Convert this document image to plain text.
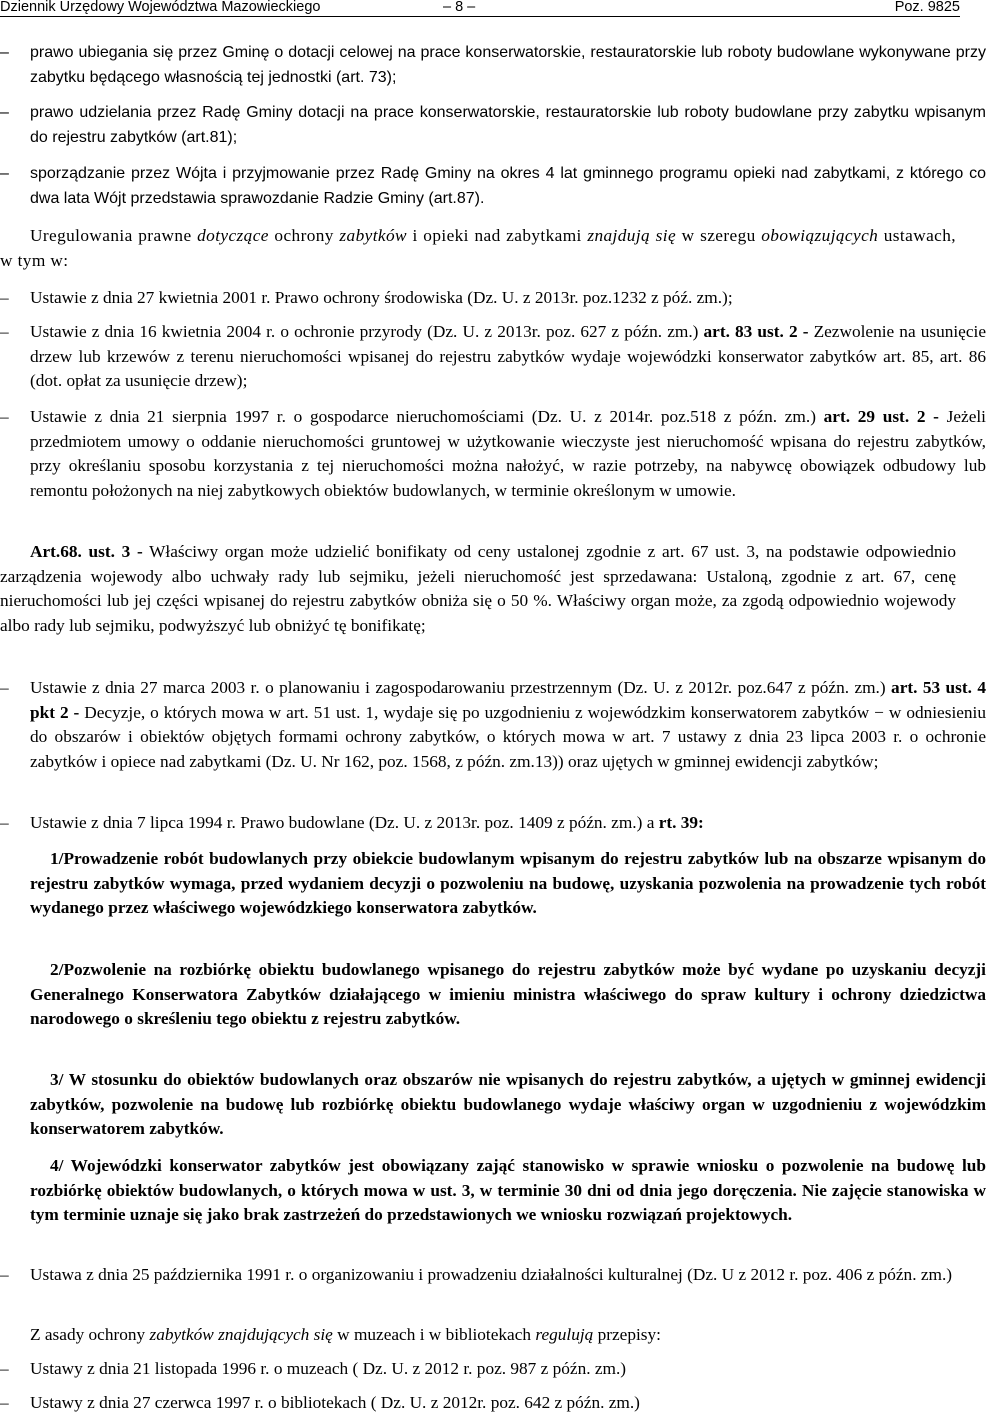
Dziennik Urzędowy Województwa Mazowieckiego	– 8 –	Poz. 9825
– prawo ubiegania się przez Gminę o dotacji celowej na prace konserwatorskie, restauratorskie lub roboty budowlane wykonywane przy zabytku będącego własnością tej jednostki (art. 73);
– prawo udzielania przez Radę Gminy dotacji na prace konserwatorskie, restauratorskie lub roboty budowlane przy zabytku wpisanym do rejestru zabytków (art.81);
– sporządzanie przez Wójta i przyjmowanie przez Radę Gminy na okres 4 lat gminnego programu opieki nad zabytkami, z którego co dwa lata Wójt przedstawia sprawozdanie Radzie Gminy (art.87).
Uregulowania prawne dotyczące ochrony zabytków i opieki nad zabytkami znajdują się w szeregu obowiązujących ustawach, w tym w:
– Ustawie z dnia 27 kwietnia 2001 r. Prawo ochrony środowiska (Dz. U. z 2013r. poz.1232 z póź. zm.);
– Ustawie z dnia 16 kwietnia 2004 r. o ochronie przyrody (Dz. U. z 2013r. poz. 627 z późn. zm.) art. 83 ust. 2 - Zezwolenie na usunięcie drzew lub krzewów z terenu nieruchomości wpisanej do rejestru zabytków wydaje wojewódzki konserwator zabytków art. 85, art. 86 (dot. opłat za usunięcie drzew);
– Ustawie z dnia 21 sierpnia 1997 r. o gospodarce nieruchomościami (Dz. U. z 2014r. poz.518 z późn. zm.) art. 29 ust. 2 - Jeżeli przedmiotem umowy o oddanie nieruchomości gruntowej w użytkowanie wieczyste jest nieruchomość wpisana do rejestru zabytków, przy określaniu sposobu korzystania z tej nieruchomości można nałożyć, w razie potrzeby, na nabywcę obowiązek odbudowy lub remontu położonych na niej zabytkowych obiektów budowlanych, w terminie określonym w umowie.
Art.68. ust. 3 - Właściwy organ może udzielić bonifikaty od ceny ustalonej zgodnie z art. 67 ust. 3, na podstawie odpowiednio zarządzenia wojewody albo uchwały rady lub sejmiku, jeżeli nieruchomość jest sprzedawana: Ustaloną, zgodnie z art. 67, cenę nieruchomości lub jej części wpisanej do rejestru zabytków obniża się o 50 %. Właściwy organ może, za zgodą odpowiednio wojewody albo rady lub sejmiku, podwyższyć lub obniżyć tę bonifikatę;
– Ustawie z dnia 27 marca 2003 r. o planowaniu i zagospodarowaniu przestrzennym (Dz. U. z 2012r. poz.647 z późn. zm.) art. 53 ust. 4 pkt 2 - Decyzje, o których mowa w art. 51 ust. 1, wydaje się po uzgodnieniu z wojewódzkim konserwatorem zabytków − w odniesieniu do obszarów i obiektów objętych formami ochrony zabytków, o których mowa w art. 7 ustawy z dnia 23 lipca 2003 r. o ochronie zabytków i opiece nad zabytkami (Dz. U. Nr 162, poz. 1568, z późn. zm.13)) oraz ujętych w gminnej ewidencji zabytków;
– Ustawie z dnia 7 lipca 1994 r. Prawo budowlane (Dz. U. z 2013r. poz. 1409 z późn. zm.) a rt. 39:
1/Prowadzenie robót budowlanych przy obiekcie budowlanym wpisanym do rejestru zabytków lub na obszarze wpisanym do rejestru zabytków wymaga, przed wydaniem decyzji o pozwoleniu na budowę, uzyskania pozwolenia na prowadzenie tych robót wydanego przez właściwego wojewódzkiego konserwatora zabytków.
2/Pozwolenie na rozbiórkę obiektu budowlanego wpisanego do rejestru zabytków może być wydane po uzyskaniu decyzji Generalnego Konserwatora Zabytków działającego w imieniu ministra właściwego do spraw kultury i ochrony dziedzictwa narodowego o skreśleniu tego obiektu z rejestru zabytków.
3/ W stosunku do obiektów budowlanych oraz obszarów nie wpisanych do rejestru zabytków, a ujętych w gminnej ewidencji zabytków, pozwolenie na budowę lub rozbiórkę obiektu budowlanego wydaje właściwy organ w uzgodnieniu z wojewódzkim konserwatorem zabytków.
4/ Wojewódzki konserwator zabytków jest obowiązany zająć stanowisko w sprawie wniosku o pozwolenie na budowę lub rozbiórkę obiektów budowlanych, o których mowa w ust. 3, w terminie 30 dni od dnia jego doręczenia. Nie zajęcie stanowiska w tym terminie uznaje się jako brak zastrzeżeń do przedstawionych we wniosku rozwiązań projektowych.
– Ustawa z dnia 25 października 1991 r. o organizowaniu i prowadzeniu działalności kulturalnej (Dz. U z 2012 r. poz. 406 z późn. zm.)
Z asady ochrony zabytków znajdujących się w muzeach i w bibliotekach regulują przepisy:
– Ustawy z dnia 21 listopada 1996 r. o muzeach ( Dz. U. z 2012 r. poz. 987 z późn. zm.)
– Ustawy z dnia 27 czerwca 1997 r. o bibliotekach ( Dz. U. z 2012r. poz. 642 z późn. zm.)
